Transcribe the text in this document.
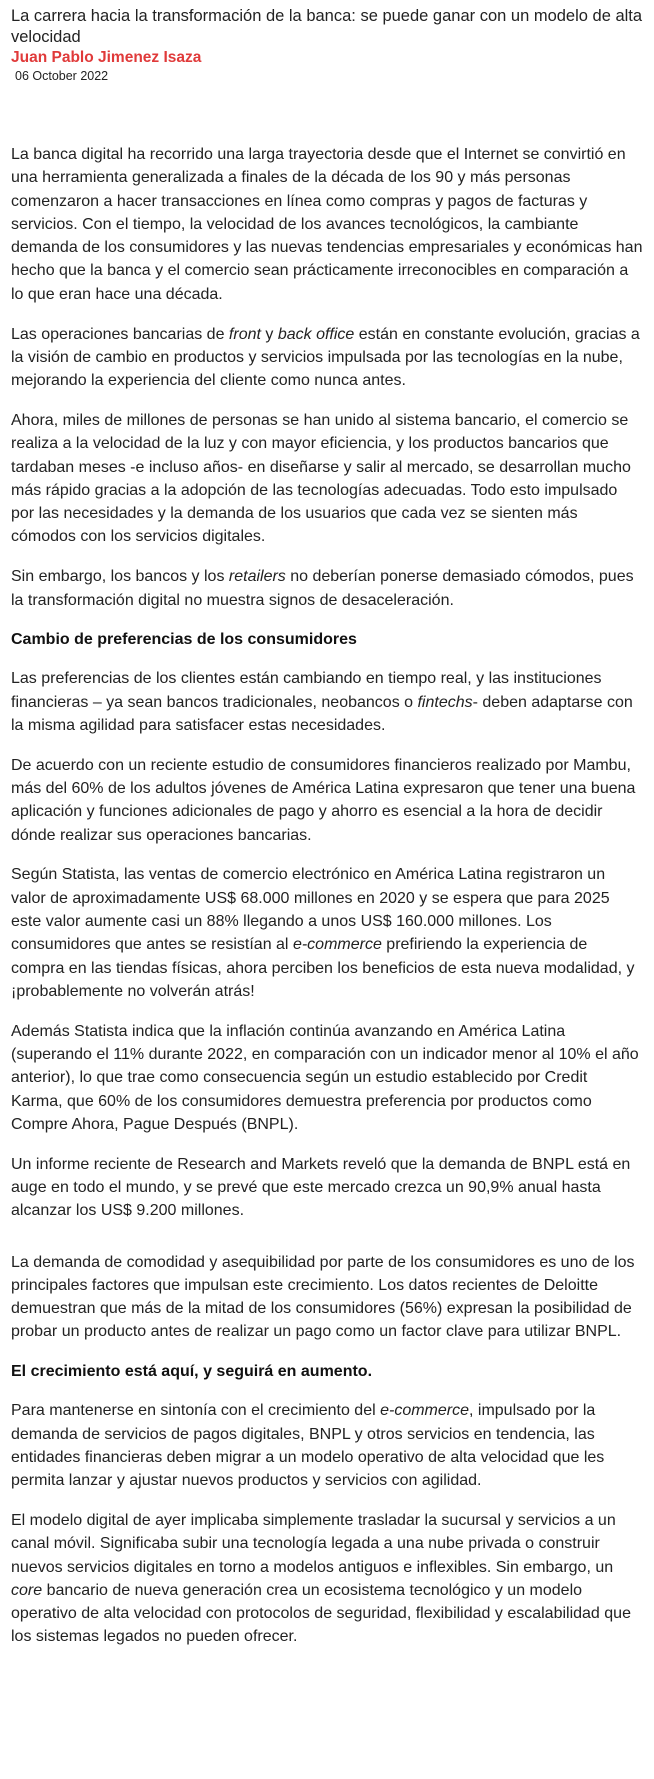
La carrera hacia la transformación de la banca: se puede ganar con un modelo de alta velocidad
Juan Pablo Jimenez Isaza
06 October 2022

La banca digital ha recorrido una larga trayectoria desde que el Internet se convirtió en una herramienta generalizada a finales de la década de los 90 y más personas comenzaron a hacer transacciones en línea como compras y pagos de facturas y servicios. Con el tiempo, la velocidad de los avances tecnológicos, la cambiante demanda de los consumidores y las nuevas tendencias empresariales y económicas han hecho que la banca y el comercio sean prácticamente irreconocibles en comparación a lo que eran hace una década.

Las operaciones bancarias de front y back office están en constante evolución, gracias a la visión de cambio en productos y servicios impulsada por las tecnologías en la nube, mejorando la experiencia del cliente como nunca antes.

Ahora, miles de millones de personas se han unido al sistema bancario, el comercio se realiza a la velocidad de la luz y con mayor eficiencia, y los productos bancarios que tardaban meses -e incluso años- en diseñarse y salir al mercado, se desarrollan mucho más rápido gracias a la adopción de las tecnologías adecuadas. Todo esto impulsado por las necesidades y la demanda de los usuarios que cada vez se sienten más cómodos con los servicios digitales.

Sin embargo, los bancos y los retailers no deberían ponerse demasiado cómodos, pues la transformación digital no muestra signos de desaceleración.

Cambio de preferencias de los consumidores

Las preferencias de los clientes están cambiando en tiempo real, y las instituciones financieras – ya sean bancos tradicionales, neobancos o fintechs- deben adaptarse con la misma agilidad para satisfacer estas necesidades.

De acuerdo con un reciente estudio de consumidores financieros realizado por Mambu, más del 60% de los adultos jóvenes de América Latina expresaron que tener una buena aplicación y funciones adicionales de pago y ahorro es esencial a la hora de decidir dónde realizar sus operaciones bancarias.

Según Statista, las ventas de comercio electrónico en América Latina registraron un valor de aproximadamente US$ 68.000 millones en 2020 y se espera que para 2025 este valor aumente casi un 88% llegando a unos US$ 160.000 millones. Los consumidores que antes se resistían al e-commerce prefiriendo la experiencia de compra en las tiendas físicas, ahora perciben los beneficios de esta nueva modalidad, y ¡probablemente no volverán atrás!

Además Statista indica que la inflación continúa avanzando en América Latina (superando el 11% durante 2022, en comparación con un indicador menor al 10% el año anterior), lo que trae como consecuencia según un estudio establecido por Credit Karma, que 60% de los consumidores demuestra preferencia por productos como Compre Ahora, Pague Después (BNPL).

Un informe reciente de Research and Markets reveló que la demanda de BNPL está en auge en todo el mundo, y se prevé que este mercado crezca un 90,9% anual hasta alcanzar los US$ 9.200 millones.

La demanda de comodidad y asequibilidad por parte de los consumidores es uno de los principales factores que impulsan este crecimiento. Los datos recientes de Deloitte demuestran que más de la mitad de los consumidores (56%) expresan la posibilidad de probar un producto antes de realizar un pago como un factor clave para utilizar BNPL.

El crecimiento está aquí, y seguirá en aumento.

Para mantenerse en sintonía con el crecimiento del e-commerce, impulsado por la demanda de servicios de pagos digitales, BNPL y otros servicios en tendencia, las entidades financieras deben migrar a un modelo operativo de alta velocidad que les permita lanzar y ajustar nuevos productos y servicios con agilidad.

El modelo digital de ayer implicaba simplemente trasladar la sucursal y servicios a un canal móvil. Significaba subir una tecnología legada a una nube privada o construir nuevos servicios digitales en torno a modelos antiguos e inflexibles. Sin embargo, un core bancario de nueva generación crea un ecosistema tecnológico y un modelo operativo de alta velocidad con protocolos de seguridad, flexibilidad y escalabilidad que los sistemas legados no pueden ofrecer.
